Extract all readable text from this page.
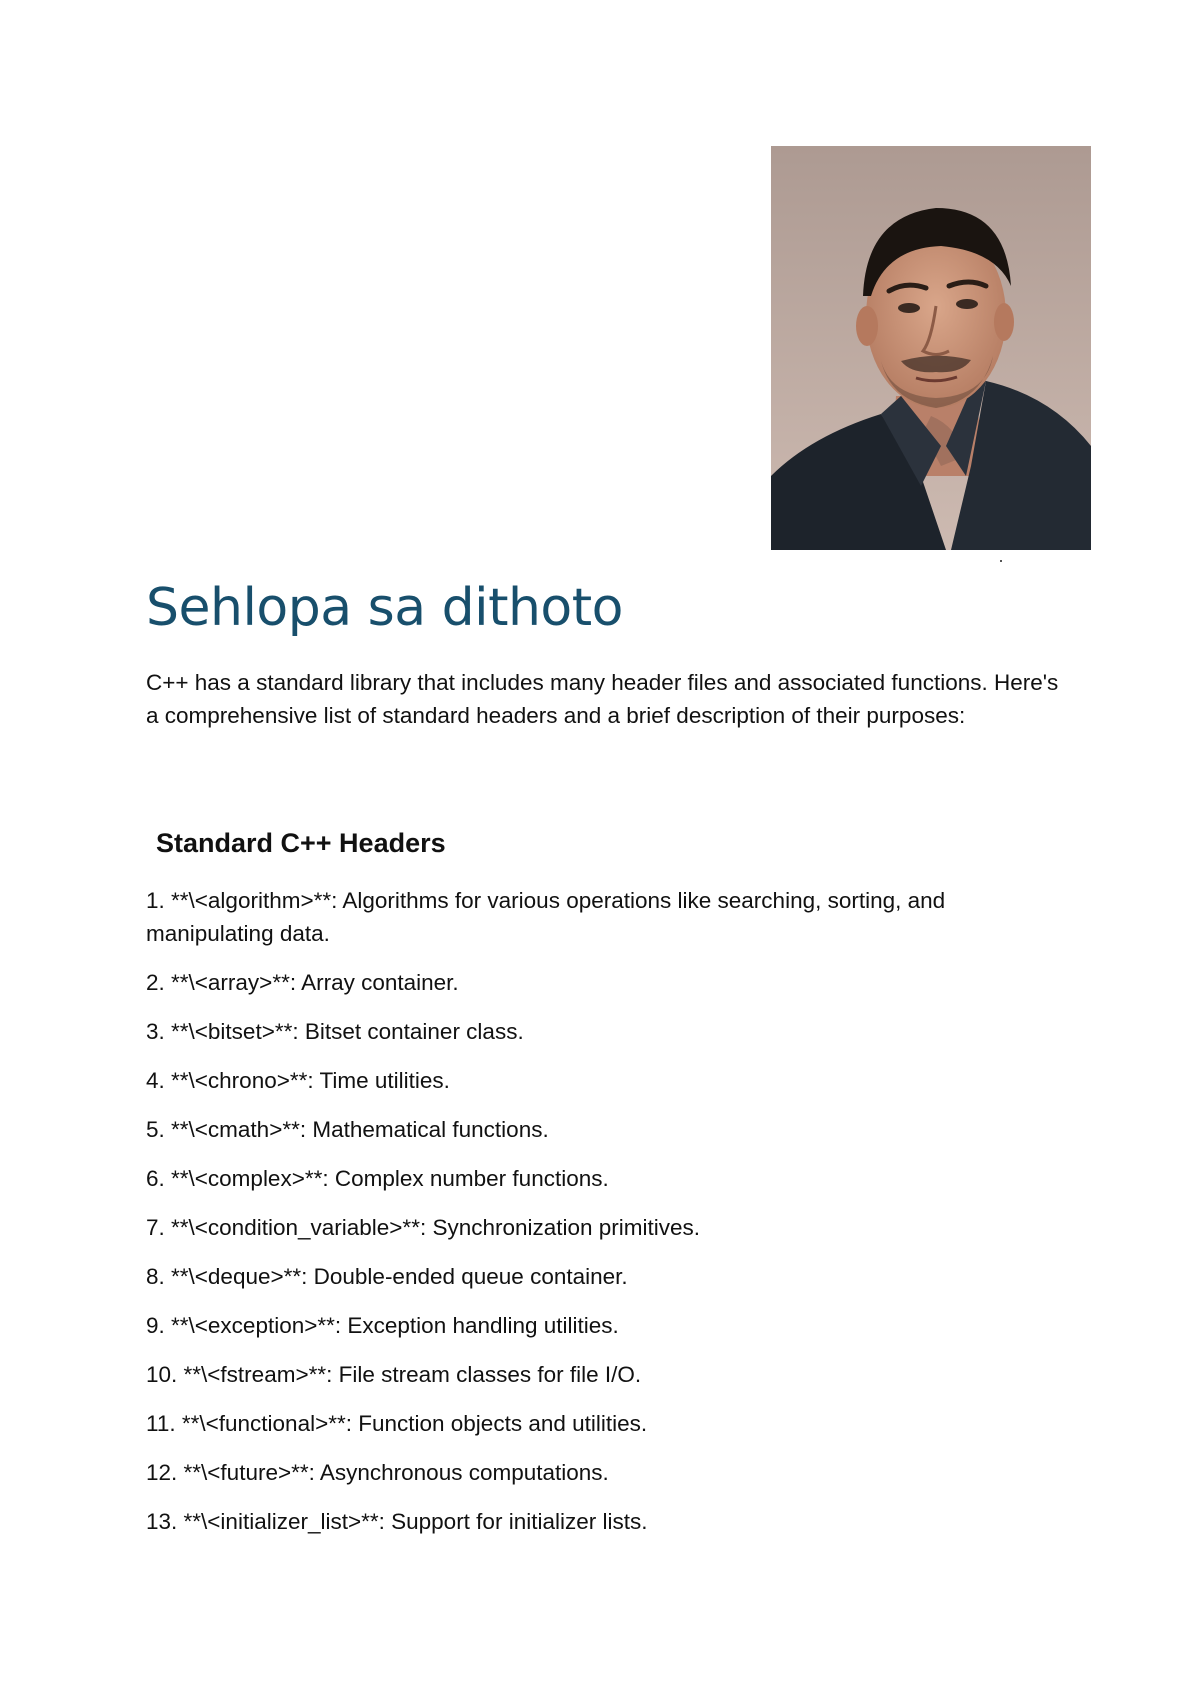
Sehlopa sa dithoto

C++ has a standard library that includes many header files and associated functions. Here's a comprehensive list of standard headers and a brief description of their purposes:

Standard C++ Headers
1. **\<algorithm>**: Algorithms for various operations like searching, sorting, and manipulating data.
2. **\<array>**: Array container.
3. **\<bitset>**: Bitset container class.
4. **\<chrono>**: Time utilities.
5. **\<cmath>**: Mathematical functions.
6. **\<complex>**: Complex number functions.
7. **\<condition_variable>**: Synchronization primitives.
8. **\<deque>**: Double-ended queue container.
9. **\<exception>**: Exception handling utilities.
10. **\<fstream>**: File stream classes for file I/O.
11. **\<functional>**: Function objects and utilities.
12. **\<future>**: Asynchronous computations.
13. **\<initializer_list>**: Support for initializer lists.
